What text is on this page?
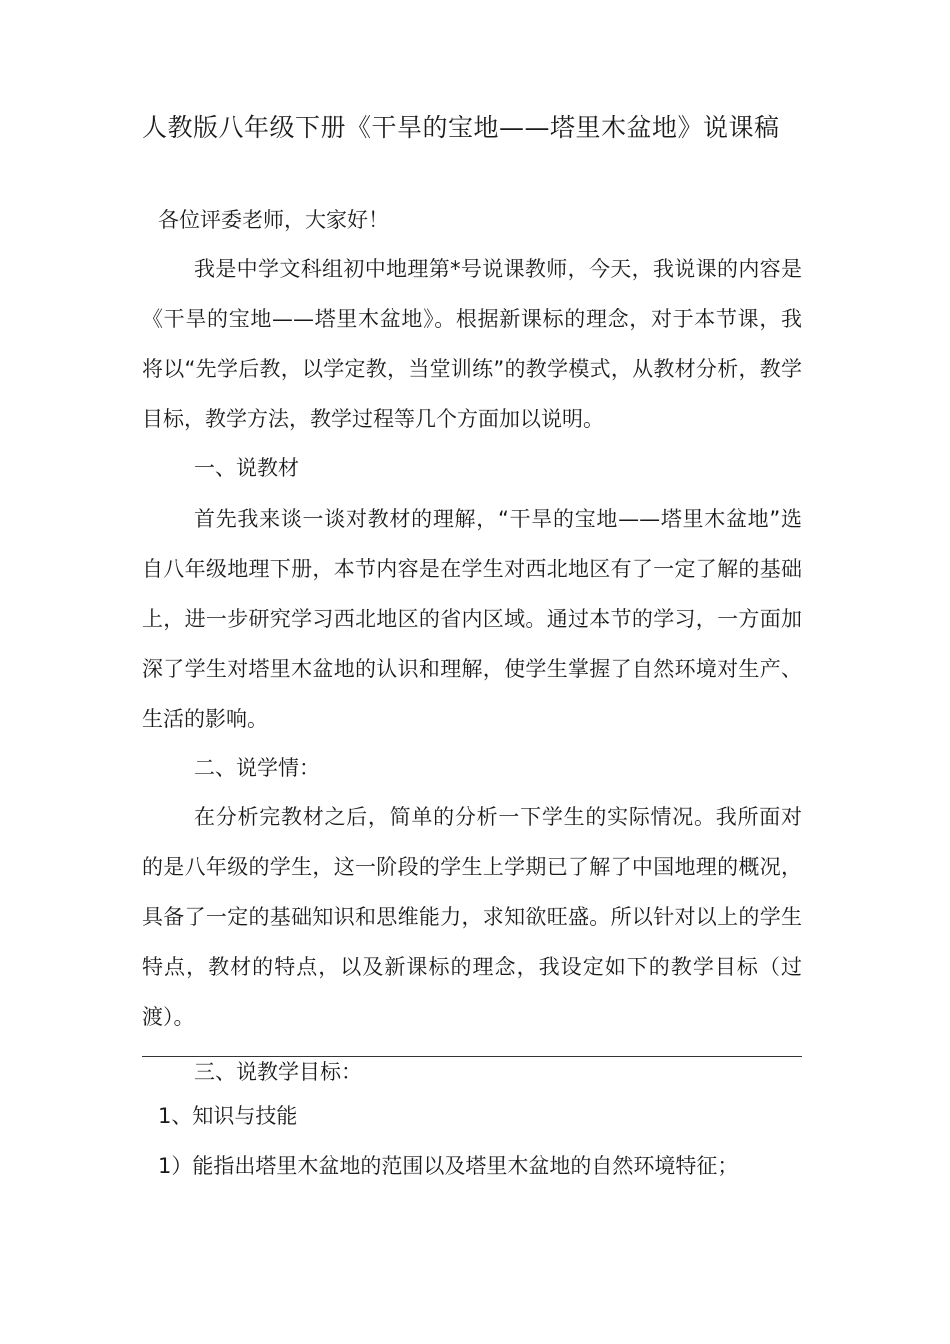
人教版八年级下册《干旱的宝地——塔里木盆地》说课稿

各位评委老师，大家好！

我是中学文科组初中地理第*号说课教师，今天，我说课的内容是《干旱的宝地——塔里木盆地》。根据新课标的理念，对于本节课，我将以“先学后教，以学定教，当堂训练”的教学模式，从教材分析，教学目标，教学方法，教学过程等几个方面加以说明。

一、说教材

首先我来谈一谈对教材的理解，“干旱的宝地——塔里木盆地”选自八年级地理下册，本节内容是在学生对西北地区有了一定了解的基础上，进一步研究学习西北地区的省内区域。通过本节的学习，一方面加深了学生对塔里木盆地的认识和理解，使学生掌握了自然环境对生产、生活的影响。

二、说学情：

在分析完教材之后，简单的分析一下学生的实际情况。我所面对的是八年级的学生，这一阶段的学生上学期已了解了中国地理的概况，具备了一定的基础知识和思维能力，求知欲旺盛。所以针对以上的学生特点，教材的特点，以及新课标的理念，我设定如下的教学目标（过渡）。

三、说教学目标：

1、知识与技能

1）能指出塔里木盆地的范围以及塔里木盆地的自然环境特征；
